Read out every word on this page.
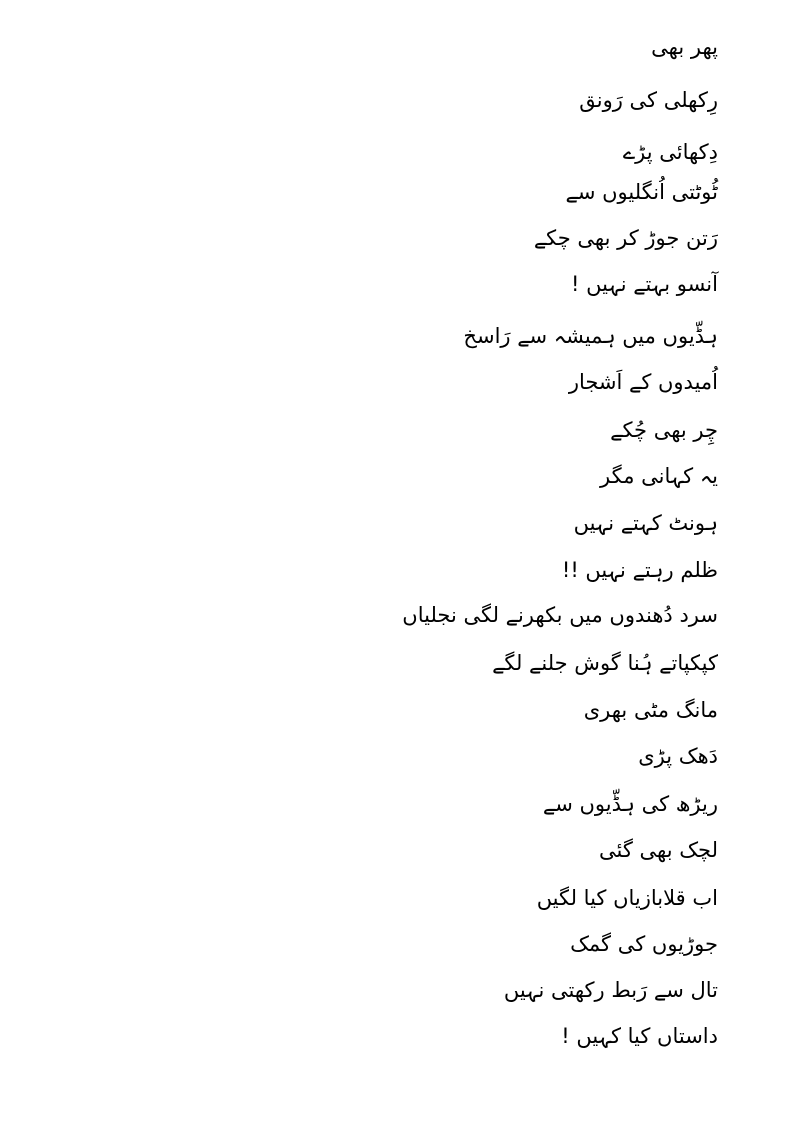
پھر بھی
رِکھلی کی رَونق
دِکھائی پڑے
ٹُوٹتی اُنگلیوں سے
رَتن جوڑ کر بھی چکے
آنسو بہتے نہیں !
ہڈّیوں میں ہمیشہ سے رَاسخ
اُمیدوں کے اَشجار
چِر بھی چُکے
یہ کہانی مگر
ہونٹ کہتے نہیں
ظلم رہتے نہیں !!
سرد دُھندوں میں بکھرنے لگی نجلیاں
کپکپاتے ہُنا گوش جلنے لگے
مانگ مٹی بھری
دَھک پڑی
ریڑھ کی ہڈّیوں سے
لچک بھی گئی
اب قلابازیاں کیا لگیں
جوڑیوں کی گمک
تال سے رَبط رکھتی نہیں
داستاں کیا کہیں !
